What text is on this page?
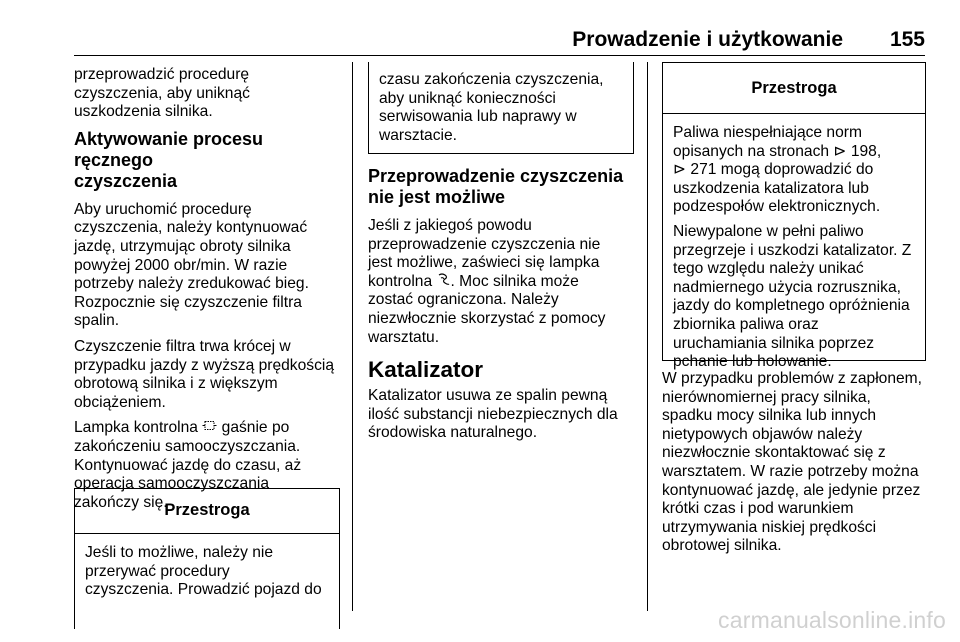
Prowadzenie i użytkowanie 155

przeprowadzić procedurę
czyszczenia, aby uniknąć
uszkodzenia silnika.

Aktywowanie procesu ręcznego
czyszczenia

Aby uruchomić procedurę
czyszczenia, należy kontynuować
jazdę, utrzymując obroty silnika
powyżej 2000 obr/min. W razie
potrzeby należy zredukować bieg.
Rozpocznie się czyszczenie filtra
spalin.

Czyszczenie filtra trwa krócej w
przypadku jazdy z wyższą prędkością
obrotową silnika i z większym
obciążeniem.

Lampka kontrolna gaśnie po
zakończeniu samooczyszczania.
Kontynuować jazdę do czasu, aż
operacja samooczyszczania
zakończy się.

Przestroga
Jeśli to możliwe, należy nie
przerywać procedury
czyszczenia. Prowadzić pojazd do
czasu zakończenia czyszczenia,
aby uniknąć konieczności
serwisowania lub naprawy w
warsztacie.
Przeprowadzenie czyszczenia
nie jest możliwe

Jeśli z jakiegoś powodu
przeprowadzenie czyszczenia nie
jest możliwe, zaświeci się lampka
kontrolna . Moc silnika może
zostać ograniczona. Należy
niezwłocznie skorzystać z pomocy
warsztatu.

Katalizator

Katalizator usuwa ze spalin pewną
ilość substancji niebezpiecznych dla
środowiska naturalnego.

Przestroga

Paliwa niespełniające norm
opisanych na stronach ⊳ 198,
⊳ 271 mogą doprowadzić do
uszkodzenia katalizatora lub
podzespołów elektronicznych.

Niewypalone w pełni paliwo
przegrzeje i uszkodzi katalizator. Z
tego względu należy unikać
nadmiernego użycia rozrusznika,
jazdy do kompletnego opróżnienia
zbiornika paliwa oraz
uruchamiania silnika poprzez
pchanie lub holowanie.

W przypadku problemów z zapłonem,
nierównomiernej pracy silnika,
spadku mocy silnika lub innych
nietypowych objawów należy
niezwłocznie skontaktować się z
warsztatem. W razie potrzeby można
kontynuować jazdę, ale jedynie przez
krótki czas i pod warunkiem
utrzymywania niskiej prędkości
obrotowej silnika.

carmanualsonline.info
